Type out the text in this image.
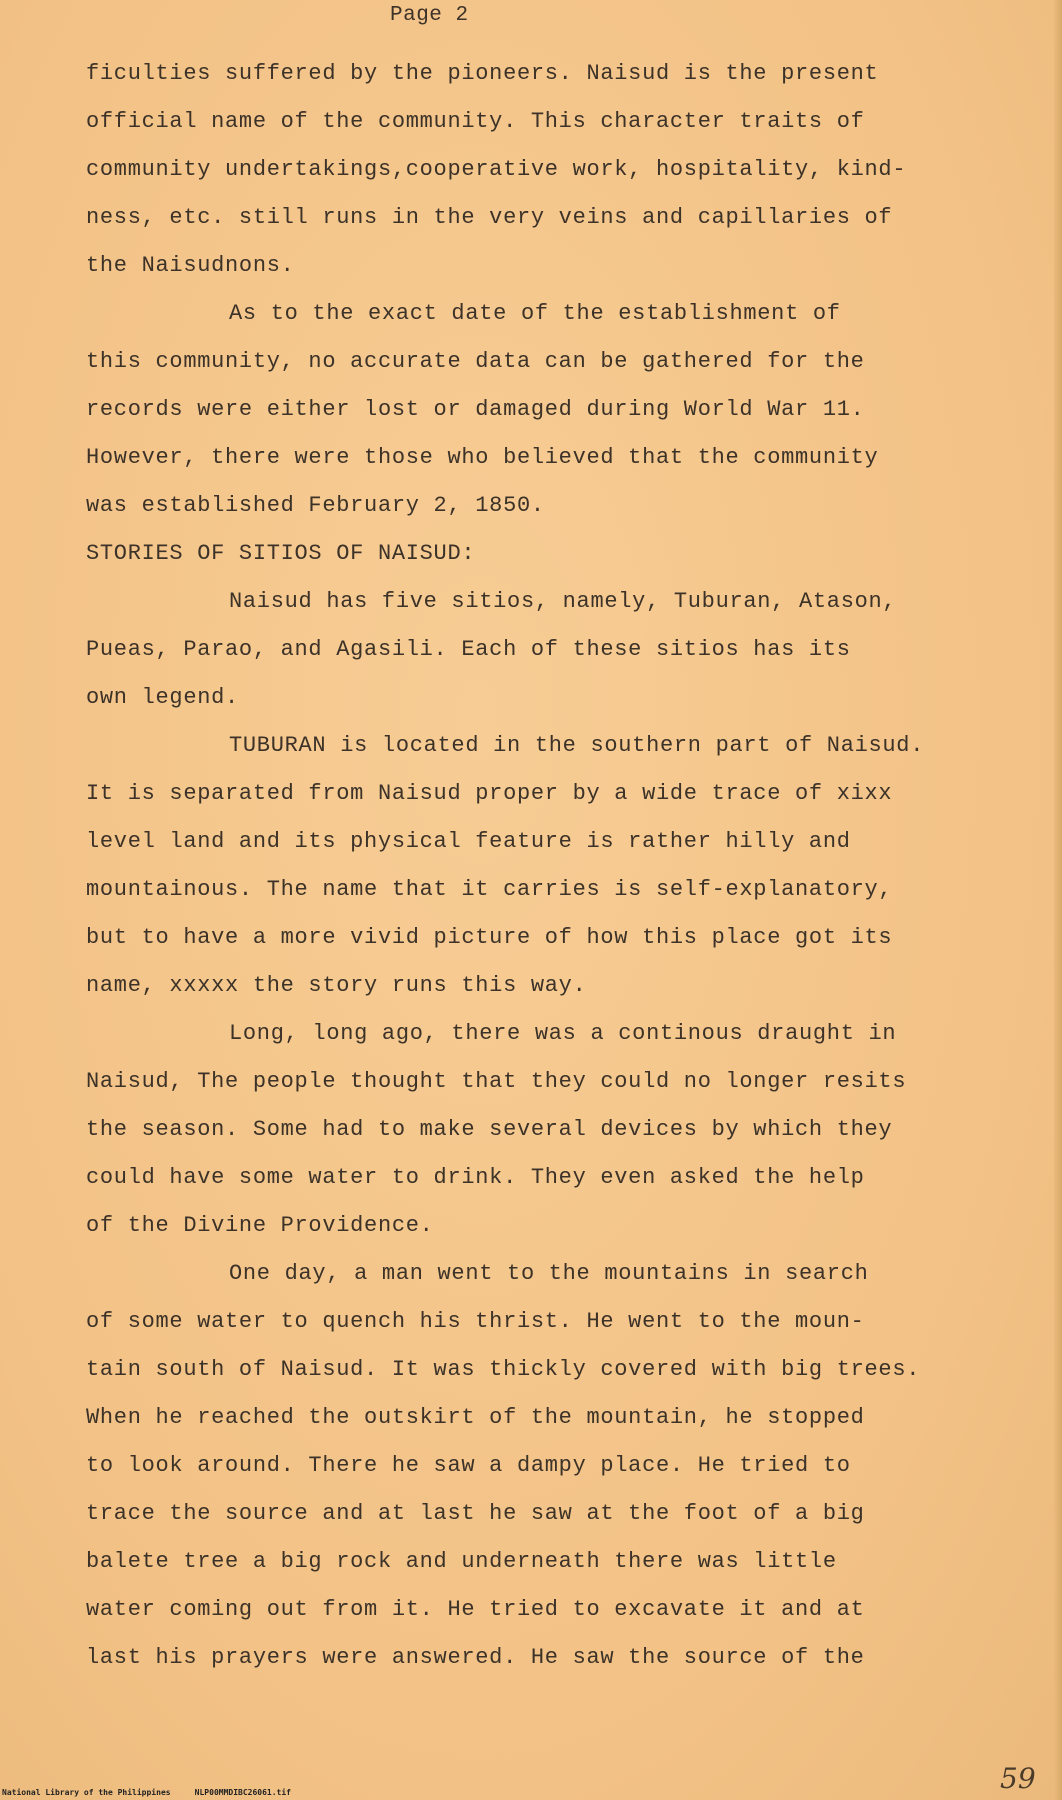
Page 2
ficulties suffered by the pioneers. Naisud is the present
official name of the community. This character traits of
community undertakings,cooperative work, hospitality, kind-
ness, etc. still runs in the very veins and capillaries of
the Naisudnons.
As to the exact date of the establishment of
this community, no accurate data can be gathered for the
records were either lost or damaged during World War 11.
However, there were those who believed that the community
was established February 2, 1850.
STORIES OF SITIOS OF NAISUD:
Naisud has five sitios, namely, Tuburan, Atason,
Pueas, Parao, and Agasili. Each of these sitios has its
own legend.
TUBURAN is located in the southern part of Naisud.
It is separated from Naisud proper by a wide trace of xixx
level land and its physical feature is rather hilly and
mountainous. The name that it carries is self-explanatory,
but to have a more vivid picture of how this place got its
name, xxxxx the story runs this way.
Long, long ago, there was a continous draught in
Naisud, The people thought that they could no longer resits
the season. Some had to make several devices by which they
could have some water to drink. They even asked the help
of the Divine Providence.
One day, a man went to the mountains in search
of some water to quench his thrist. He went to the moun-
tain south of Naisud. It was thickly covered with big trees.
When he reached the outskirt of the mountain, he stopped
to look around. There he saw a dampy place. He tried to
trace the source and at last he saw at the foot of a big
balete tree a big rock and underneath there was little
water coming out from it. He tried to excavate it and at
last his prayers were answered. He saw the source of the
National Library of the Philippines	NLP00MMDIBC26061.tif	59
